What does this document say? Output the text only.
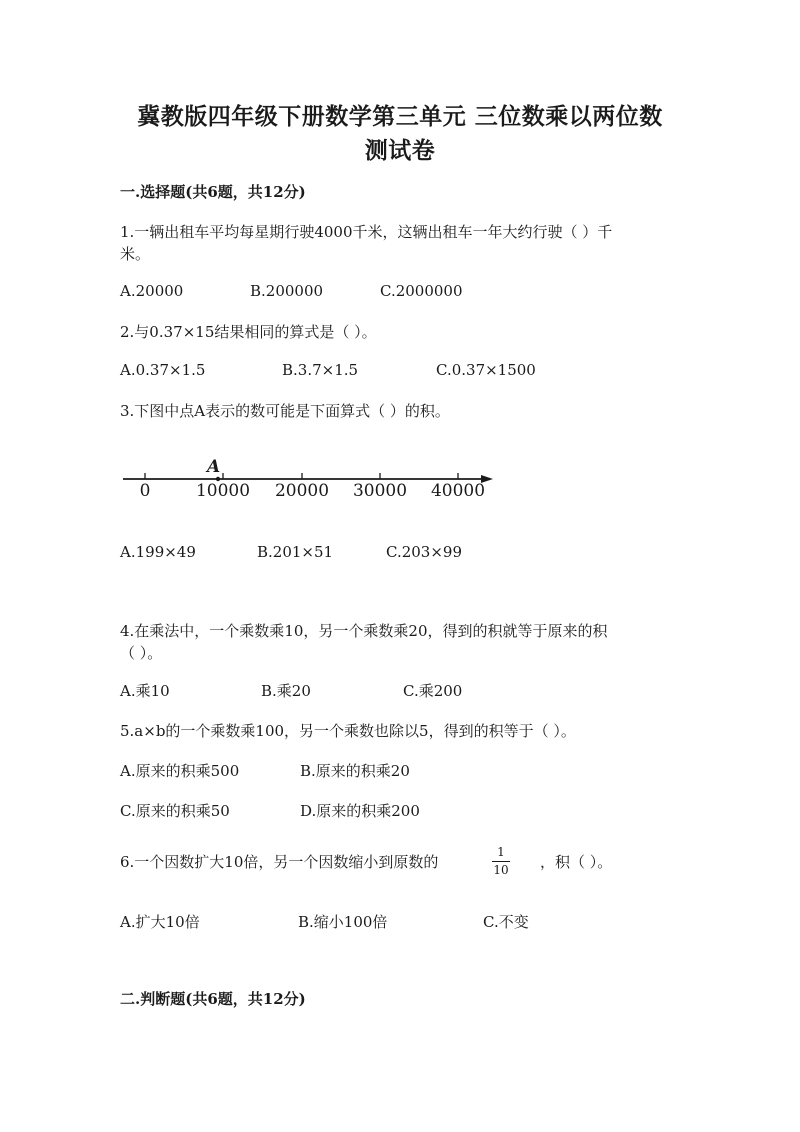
冀教版四年级下册数学第三单元 三位数乘以两位数
测试卷
一.选择题(共6题，共12分)
1.一辆出租车平均每星期行驶4000千米，这辆出租车一年大约行驶（ ）千
米。
A.20000	B.200000	C.2000000
2.与0.37×15结果相同的算式是（ ）。
A.0.37×1.5	B.3.7×1.5	C.0.37×1500
3.下图中点A表示的数可能是下面算式（ ）的积。
A
0	10000 20000 30000 40000
A.199×49	B.201×51	C.203×99
4.在乘法中，一个乘数乘10，另一个乘数乘20，得到的积就等于原来的积
（ ）。
A.乘10	B.乘20	C.乘200
5.a×b的一个乘数乘100，另一个乘数也除以5，得到的积等于（ ）。
A.原来的积乘500	B.原来的积乘20
C.原来的积乘50	D.原来的积乘200
6.一个因数扩大10倍，另一个因数缩小到原数的
1
10 ，积（ ）。
A.扩大10倍	B.缩小100倍	C.不变
二.判断题(共6题，共12分)
